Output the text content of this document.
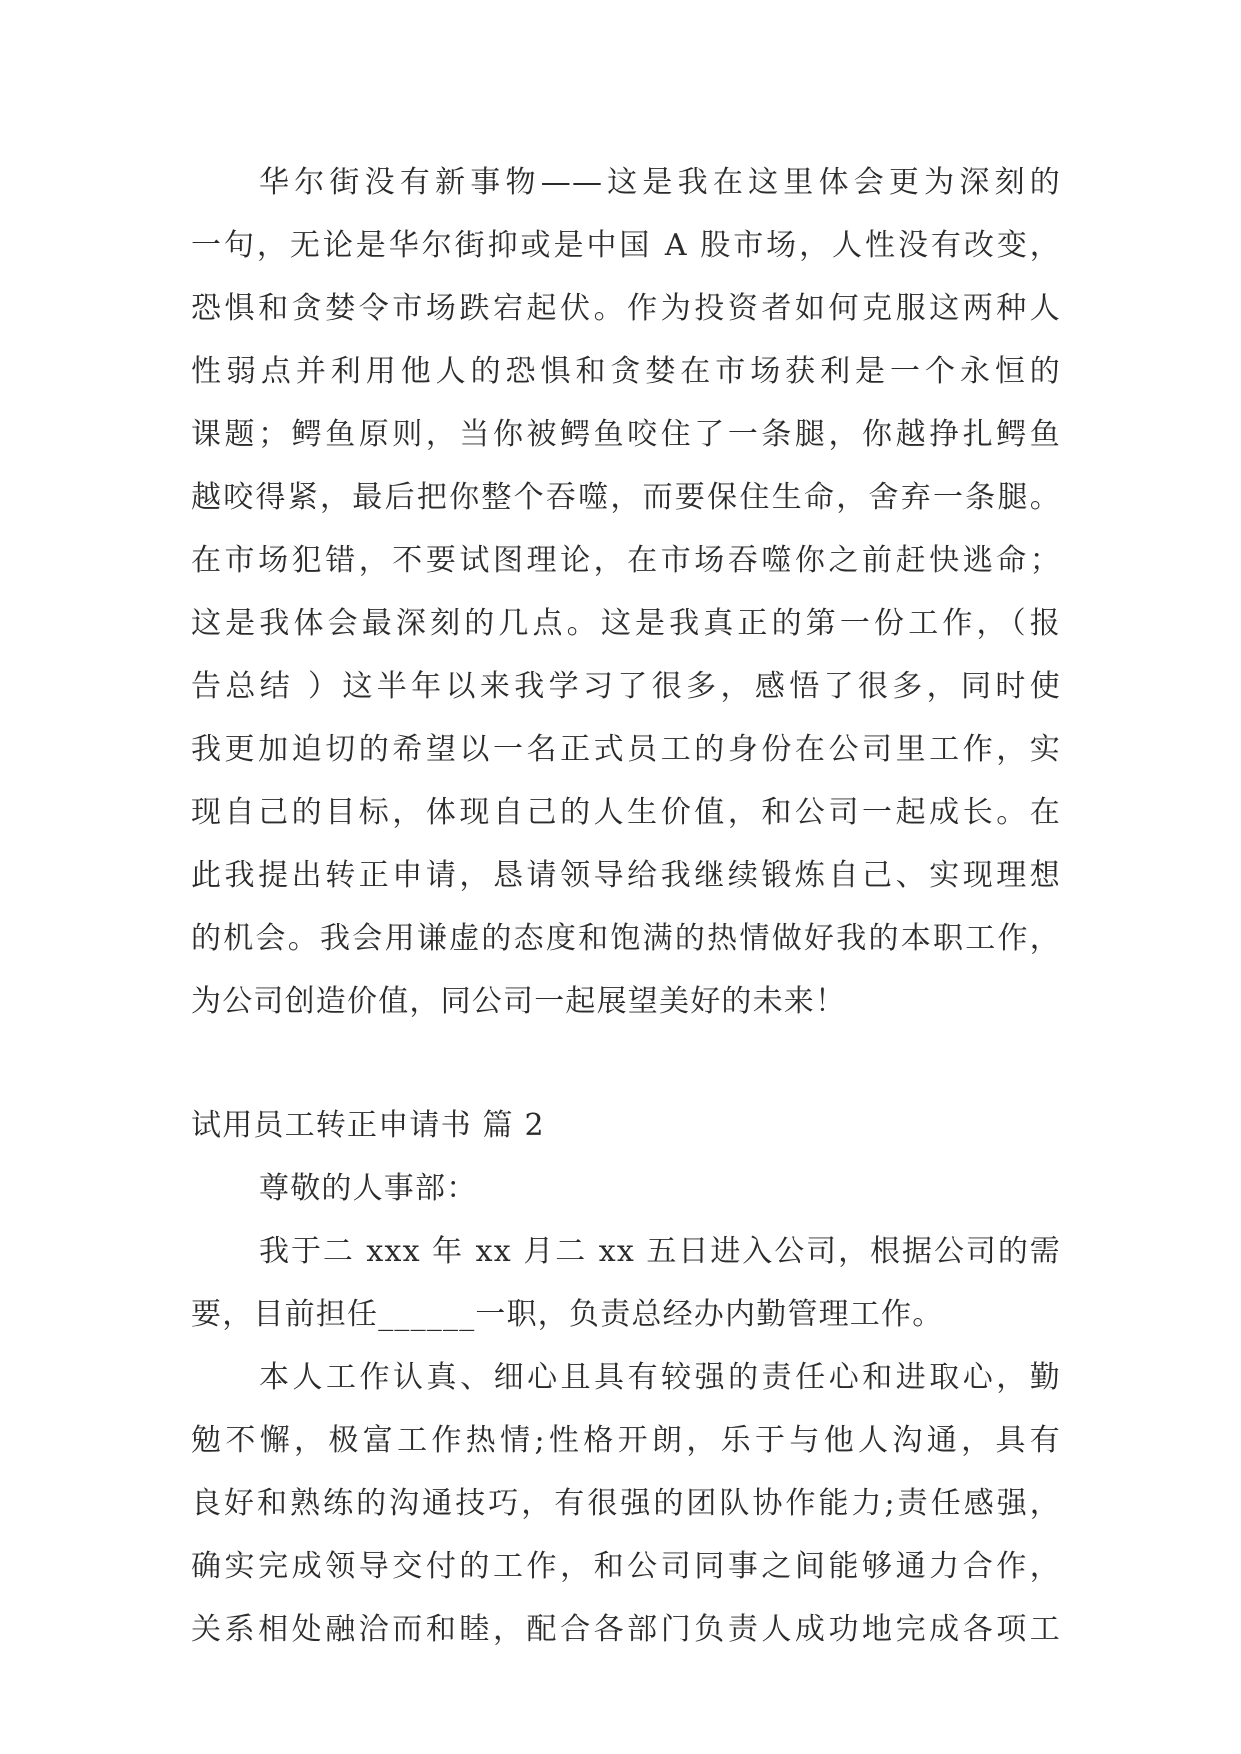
华尔街没有新事物——这是我在这里体会更为深刻的
一句，无论是华尔街抑或是中国 A 股市场，人性没有改变，
恐惧和贪婪令市场跌宕起伏。作为投资者如何克服这两种人
性弱点并利用他人的恐惧和贪婪在市场获利是一个永恒的
课题；鳄鱼原则，当你被鳄鱼咬住了一条腿，你越挣扎鳄鱼
越咬得紧，最后把你整个吞噬，而要保住生命，舍弃一条腿。
在市场犯错，不要试图理论，在市场吞噬你之前赶快逃命；
这是我体会最深刻的几点。这是我真正的第一份工作，（报
告总结 ）这半年以来我学习了很多，感悟了很多，同时使
我更加迫切的希望以一名正式员工的身份在公司里工作，实
现自己的目标，体现自己的人生价值，和公司一起成长。在
此我提出转正申请，恳请领导给我继续锻炼自己、实现理想
的机会。我会用谦虚的态度和饱满的热情做好我的本职工作，
为公司创造价值，同公司一起展望美好的未来！
试用员工转正申请书 篇 2
尊敬的人事部：
我于二 xxx 年 xx 月二 xx 五日进入公司，根据公司的需
要，目前担任______一职，负责总经办内勤管理工作。
本人工作认真、细心且具有较强的责任心和进取心，勤
勉不懈，极富工作热情;性格开朗，乐于与他人沟通，具有
良好和熟练的沟通技巧，有很强的团队协作能力;责任感强，
确实完成领导交付的工作，和公司同事之间能够通力合作，
关系相处融洽而和睦，配合各部门负责人成功地完成各项工
